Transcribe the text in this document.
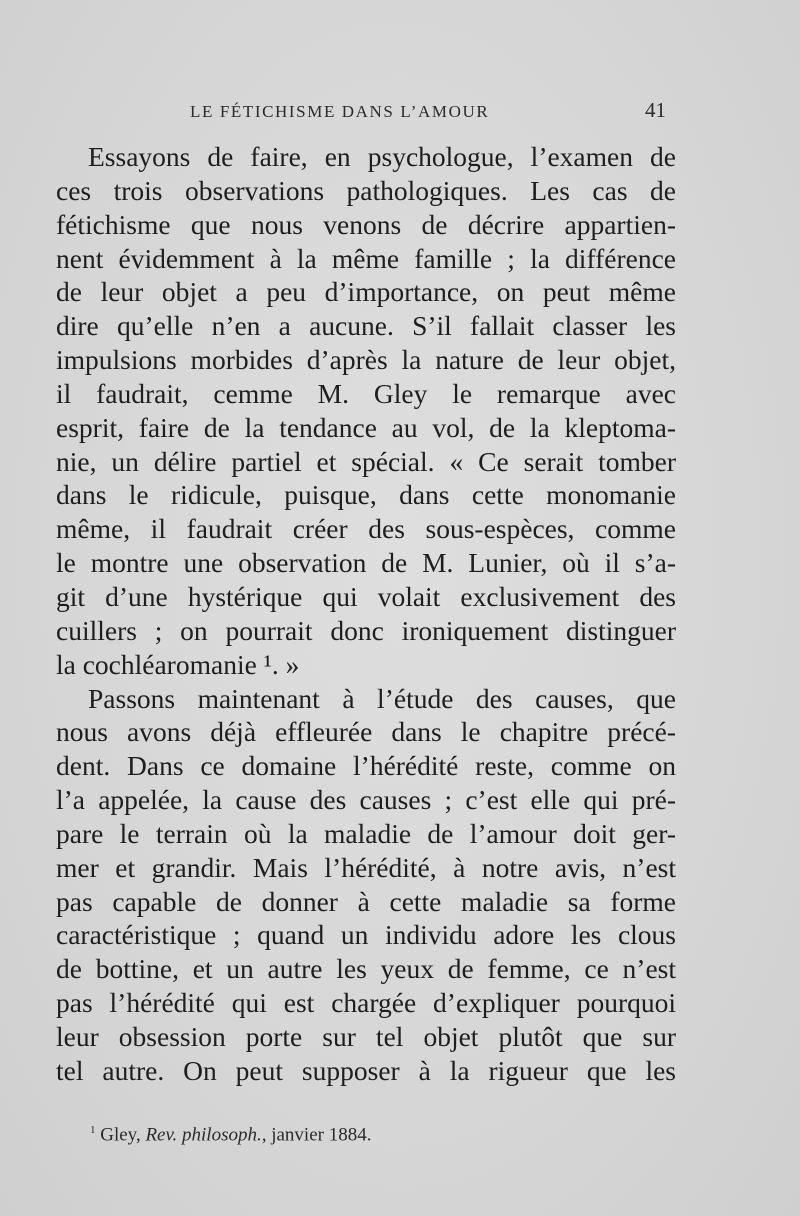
LE FÉTICHISME DANS L’AMOUR	41
Essayons de faire, en psychologue, l’examen de
ces trois observations pathologiques. Les cas de
fétichisme que nous venons de décrire appartien-
nent évidemment à la même famille ; la différence
de leur objet a peu d’importance, on peut même
dire qu’elle n’en a aucune. S’il fallait classer les
impulsions morbides d’après la nature de leur objet,
il faudrait, cemme M. Gley le remarque avec
esprit, faire de la tendance au vol, de la kleptoma-
nie, un délire partiel et spécial. « Ce serait tomber
dans le ridicule, puisque, dans cette monomanie
même, il faudrait créer des sous-espèces, comme
le montre une observation de M. Lunier, où il s’a-
git d’une hystérique qui volait exclusivement des
cuillers ; on pourrait donc ironiquement distinguer
la cochléaromanie ¹. »
Passons maintenant à l’étude des causes, que
nous avons déjà effleurée dans le chapitre précé-
dent. Dans ce domaine l’hérédité reste, comme on
l’a appelée, la cause des causes ; c’est elle qui pré-
pare le terrain où la maladie de l’amour doit ger-
mer et grandir. Mais l’hérédité, à notre avis, n’est
pas capable de donner à cette maladie sa forme
caractéristique ; quand un individu adore les clous
de bottine, et un autre les yeux de femme, ce n’est
pas l’hérédité qui est chargée d’expliquer pourquoi
leur obsession porte sur tel objet plutôt que sur
tel autre. On peut supposer à la rigueur que les
$^1$ Gley, Rev. philosoph., janvier 1884.
